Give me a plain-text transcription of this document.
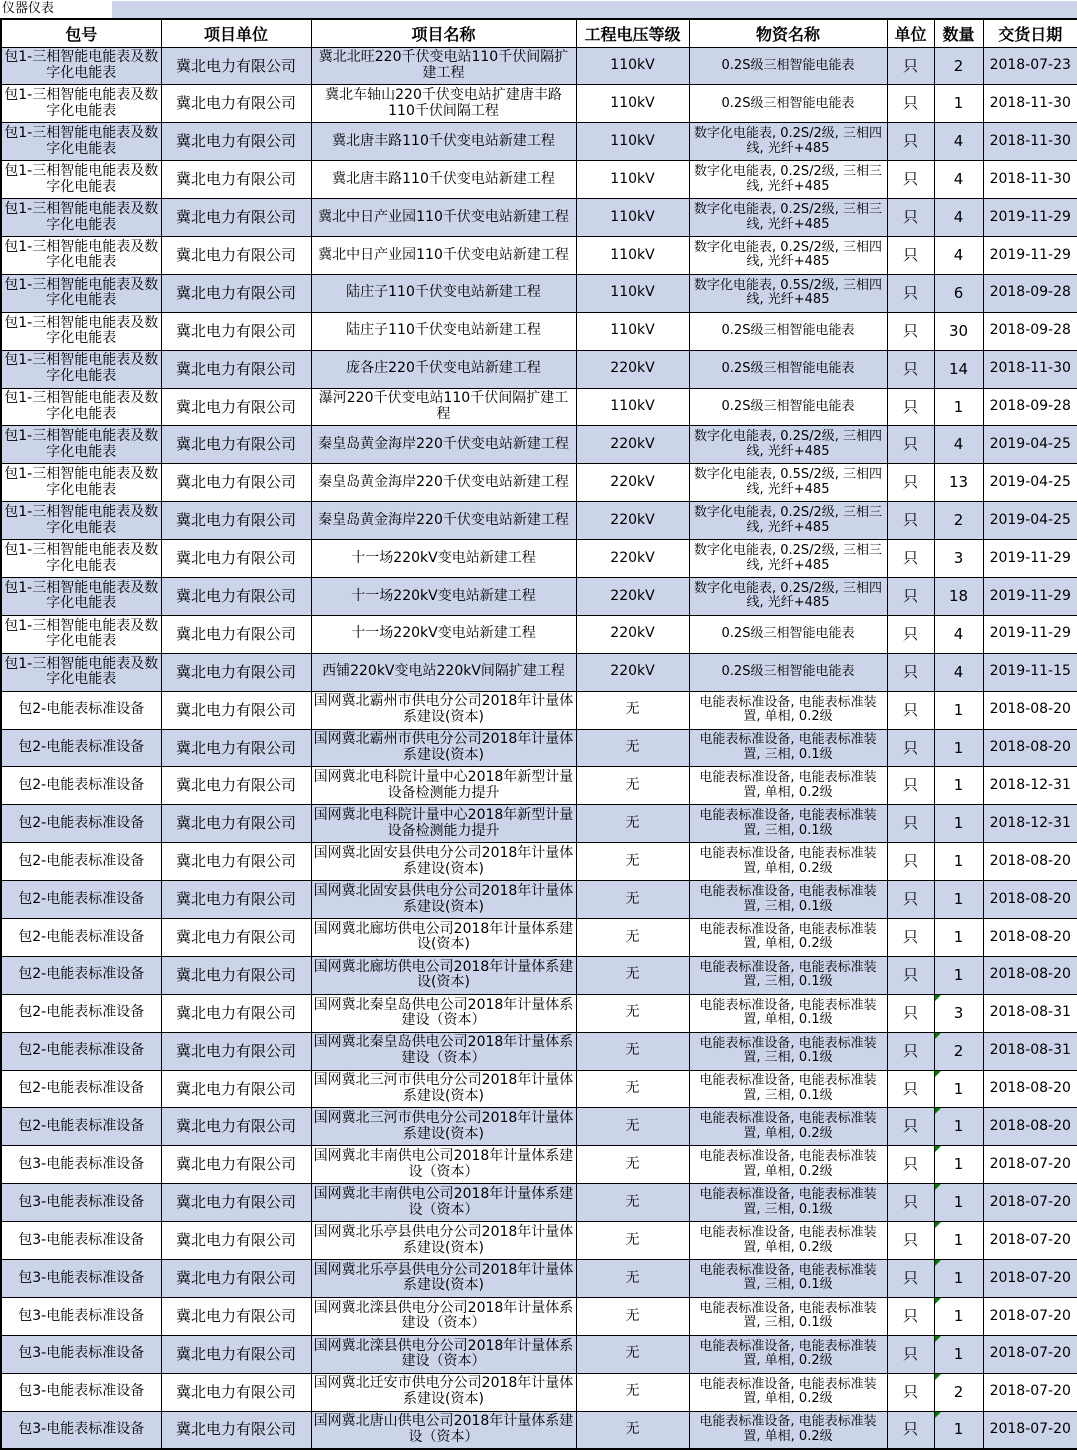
仪器仪表
包号	项目单位	项目名称	工程电压等级	物资名称	单位	数量	交货日期
包1-三相智能电能表及数字化电能表	冀北电力有限公司	冀北北旺220千伏变电站110千伏间隔扩建工程	110kV	0.2S级三相智能电能表	只	2	2018-07-23
包1-三相智能电能表及数字化电能表	冀北电力有限公司	冀北车轴山220千伏变电站扩建唐丰路110千伏间隔工程	110kV	0.2S级三相智能电能表	只	1	2018-11-30
包1-三相智能电能表及数字化电能表	冀北电力有限公司	冀北唐丰路110千伏变电站新建工程	110kV	数字化电能表, 0.2S/2级, 三相四线, 光纤+485	只	4	2018-11-30
包1-三相智能电能表及数字化电能表	冀北电力有限公司	冀北唐丰路110千伏变电站新建工程	110kV	数字化电能表, 0.2S/2级, 三相三线, 光纤+485	只	4	2018-11-30
包1-三相智能电能表及数字化电能表	冀北电力有限公司	冀北中日产业园110千伏变电站新建工程	110kV	数字化电能表, 0.2S/2级, 三相三线, 光纤+485	只	4	2019-11-29
包1-三相智能电能表及数字化电能表	冀北电力有限公司	冀北中日产业园110千伏变电站新建工程	110kV	数字化电能表, 0.2S/2级, 三相四线, 光纤+485	只	4	2019-11-29
包1-三相智能电能表及数字化电能表	冀北电力有限公司	陆庄子110千伏变电站新建工程	110kV	数字化电能表, 0.5S/2级, 三相四线, 光纤+485	只	6	2018-09-28
包1-三相智能电能表及数字化电能表	冀北电力有限公司	陆庄子110千伏变电站新建工程	110kV	0.2S级三相智能电能表	只	30	2018-09-28
包1-三相智能电能表及数字化电能表	冀北电力有限公司	庞各庄220千伏变电站新建工程	220kV	0.2S级三相智能电能表	只	14	2018-11-30
包1-三相智能电能表及数字化电能表	冀北电力有限公司	瀑河220千伏变电站110千伏间隔扩建工程	110kV	0.2S级三相智能电能表	只	1	2018-09-28
包1-三相智能电能表及数字化电能表	冀北电力有限公司	秦皇岛黄金海岸220千伏变电站新建工程	220kV	数字化电能表, 0.2S/2级, 三相四线, 光纤+485	只	4	2019-04-25
包1-三相智能电能表及数字化电能表	冀北电力有限公司	秦皇岛黄金海岸220千伏变电站新建工程	220kV	数字化电能表, 0.5S/2级, 三相四线, 光纤+485	只	13	2019-04-25
包1-三相智能电能表及数字化电能表	冀北电力有限公司	秦皇岛黄金海岸220千伏变电站新建工程	220kV	数字化电能表, 0.2S/2级, 三相三线, 光纤+485	只	2	2019-04-25
包1-三相智能电能表及数字化电能表	冀北电力有限公司	十一场220kV变电站新建工程	220kV	数字化电能表, 0.2S/2级, 三相三线, 光纤+485	只	3	2019-11-29
包1-三相智能电能表及数字化电能表	冀北电力有限公司	十一场220kV变电站新建工程	220kV	数字化电能表, 0.2S/2级, 三相四线, 光纤+485	只	18	2019-11-29
包1-三相智能电能表及数字化电能表	冀北电力有限公司	十一场220kV变电站新建工程	220kV	0.2S级三相智能电能表	只	4	2019-11-29
包1-三相智能电能表及数字化电能表	冀北电力有限公司	西铺220kV变电站220kV间隔扩建工程	220kV	0.2S级三相智能电能表	只	4	2019-11-15
包2-电能表标准设备	冀北电力有限公司	国网冀北霸州市供电分公司2018年计量体系建设(资本)	无	电能表标准设备, 电能表标准装置, 单相, 0.2级	只	1	2018-08-20
包2-电能表标准设备	冀北电力有限公司	国网冀北霸州市供电分公司2018年计量体系建设(资本)	无	电能表标准设备, 电能表标准装置, 三相, 0.1级	只	1	2018-08-20
包2-电能表标准设备	冀北电力有限公司	国网冀北电科院计量中心2018年新型计量设备检测能力提升	无	电能表标准设备, 电能表标准装置, 单相, 0.2级	只	1	2018-12-31
包2-电能表标准设备	冀北电力有限公司	国网冀北电科院计量中心2018年新型计量设备检测能力提升	无	电能表标准设备, 电能表标准装置, 三相, 0.1级	只	1	2018-12-31
包2-电能表标准设备	冀北电力有限公司	国网冀北固安县供电分公司2018年计量体系建设(资本)	无	电能表标准设备, 电能表标准装置, 单相, 0.2级	只	1	2018-08-20
包2-电能表标准设备	冀北电力有限公司	国网冀北固安县供电分公司2018年计量体系建设(资本)	无	电能表标准设备, 电能表标准装置, 三相, 0.1级	只	1	2018-08-20
包2-电能表标准设备	冀北电力有限公司	国网冀北廊坊供电公司2018年计量体系建设(资本)	无	电能表标准设备, 电能表标准装置, 单相, 0.2级	只	1	2018-08-20
包2-电能表标准设备	冀北电力有限公司	国网冀北廊坊供电公司2018年计量体系建设(资本)	无	电能表标准设备, 电能表标准装置, 三相, 0.1级	只	1	2018-08-20
包2-电能表标准设备	冀北电力有限公司	国网冀北秦皇岛供电公司2018年计量体系建设（资本）	无	电能表标准设备, 电能表标准装置, 单相, 0.1级	只	3	2018-08-31
包2-电能表标准设备	冀北电力有限公司	国网冀北秦皇岛供电公司2018年计量体系建设（资本）	无	电能表标准设备, 电能表标准装置, 三相, 0.1级	只	2	2018-08-31
包2-电能表标准设备	冀北电力有限公司	国网冀北三河市供电分公司2018年计量体系建设(资本)	无	电能表标准设备, 电能表标准装置, 三相, 0.1级	只	1	2018-08-20
包2-电能表标准设备	冀北电力有限公司	国网冀北三河市供电分公司2018年计量体系建设(资本)	无	电能表标准设备, 电能表标准装置, 单相, 0.2级	只	1	2018-08-20
包3-电能表标准设备	冀北电力有限公司	国网冀北丰南供电公司2018年计量体系建设（资本）	无	电能表标准设备, 电能表标准装置, 单相, 0.2级	只	1	2018-07-20
包3-电能表标准设备	冀北电力有限公司	国网冀北丰南供电公司2018年计量体系建设（资本）	无	电能表标准设备, 电能表标准装置, 三相, 0.1级	只	1	2018-07-20
包3-电能表标准设备	冀北电力有限公司	国网冀北乐亭县供电分公司2018年计量体系建设(资本)	无	电能表标准设备, 电能表标准装置, 单相, 0.2级	只	1	2018-07-20
包3-电能表标准设备	冀北电力有限公司	国网冀北乐亭县供电分公司2018年计量体系建设(资本)	无	电能表标准设备, 电能表标准装置, 三相, 0.1级	只	1	2018-07-20
包3-电能表标准设备	冀北电力有限公司	国网冀北滦县供电分公司2018年计量体系建设（资本）	无	电能表标准设备, 电能表标准装置, 三相, 0.1级	只	1	2018-07-20
包3-电能表标准设备	冀北电力有限公司	国网冀北滦县供电分公司2018年计量体系建设（资本）	无	电能表标准设备, 电能表标准装置, 单相, 0.2级	只	1	2018-07-20
包3-电能表标准设备	冀北电力有限公司	国网冀北迁安市供电分公司2018年计量体系建设(资本)	无	电能表标准设备, 电能表标准装置, 单相, 0.2级	只	2	2018-07-20
包3-电能表标准设备	冀北电力有限公司	国网冀北唐山供电公司2018年计量体系建设（资本）	无	电能表标准设备, 电能表标准装置, 单相, 0.2级	只	1	2018-07-20
